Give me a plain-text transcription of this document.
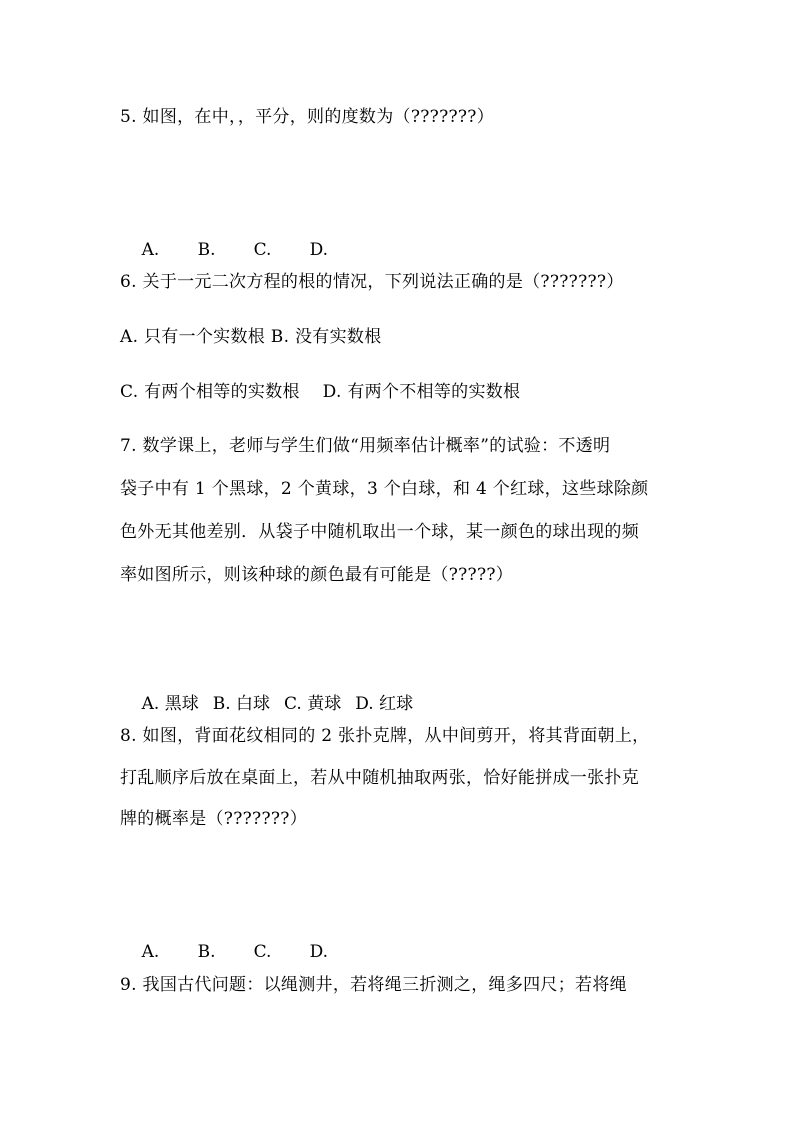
5. 如图，在中，，平分，则的度数为（???????）

A. B. C. D.

6. 关于一元二次方程的根的情况，下列说法正确的是（???????）
A. 只有一个实数根 B. 没有实数根
C. 有两个相等的实数根    D. 有两个不相等的实数根
7. 数学课上，老师与学生们做“用频率估计概率”的试验：不透明
袋子中有 1 个黑球，2 个黄球，3 个白球，和 4 个红球，这些球除颜
色外无其他差别．从袋子中随机取出一个球，某一颜色的球出现的频
率如图所示，则该种球的颜色最有可能是（?????）

A. 黑球 B. 白球 C. 黄球 D. 红球

8. 如图，背面花纹相同的 2 张扑克牌，从中间剪开，将其背面朝上，
打乱顺序后放在桌面上，若从中随机抽取两张，恰好能拼成一张扑克
牌的概率是（???????）

A. B. C. D.

9. 我国古代问题：以绳测井，若将绳三折测之，绳多四尺；若将绳
